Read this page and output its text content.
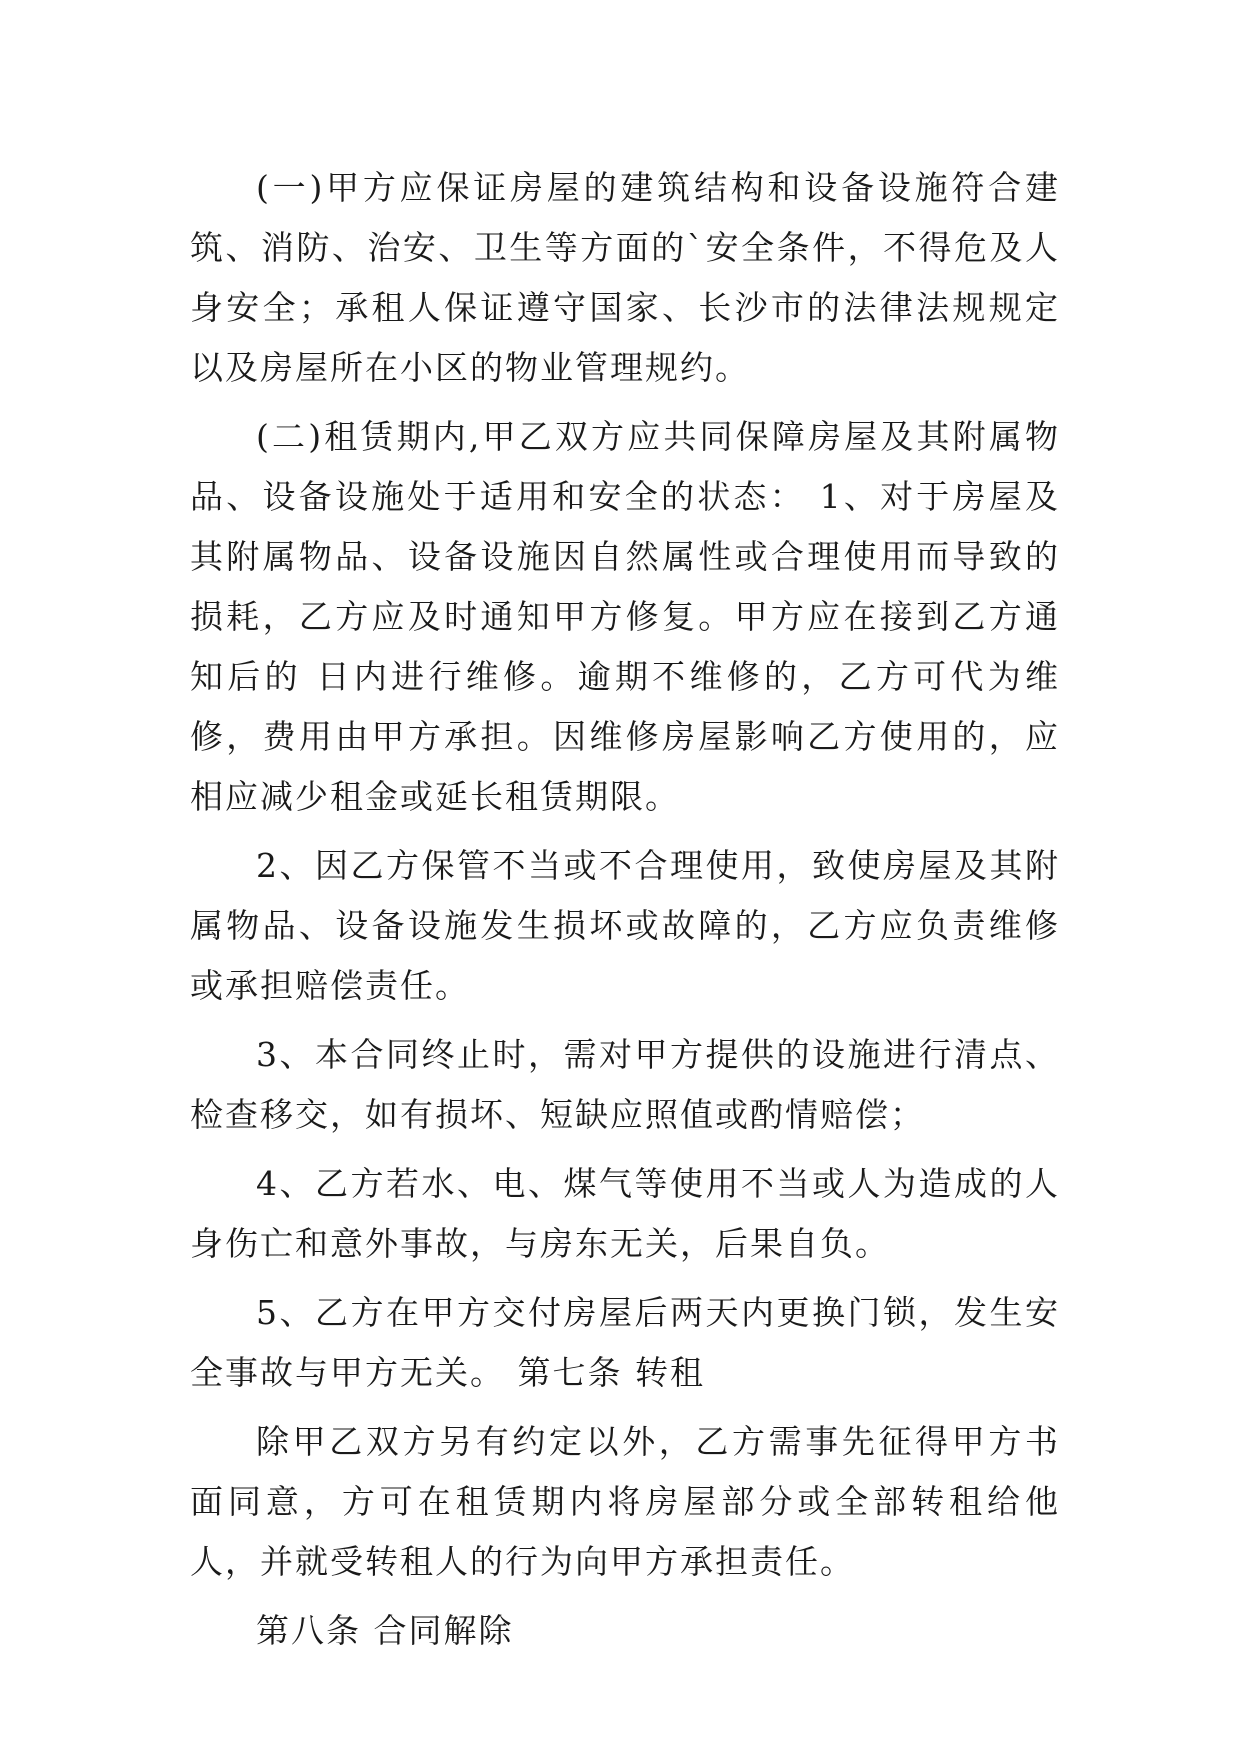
(一)甲方应保证房屋的建筑结构和设备设施符合建筑、消防、治安、卫生等方面的`安全条件，不得危及人身安全；承租人保证遵守国家、长沙市的法律法规规定以及房屋所在小区的物业管理规约。

(二)租赁期内,甲乙双方应共同保障房屋及其附属物品、设备设施处于适用和安全的状态： 1、对于房屋及其附属物品、设备设施因自然属性或合理使用而导致的损耗，乙方应及时通知甲方修复。甲方应在接到乙方通知后的 日内进行维修。逾期不维修的，乙方可代为维修，费用由甲方承担。因维修房屋影响乙方使用的，应相应减少租金或延长租赁期限。

2、因乙方保管不当或不合理使用，致使房屋及其附属物品、设备设施发生损坏或故障的，乙方应负责维修或承担赔偿责任。

3、本合同终止时，需对甲方提供的设施进行清点、检查移交，如有损坏、短缺应照值或酌情赔偿；

4、乙方若水、电、煤气等使用不当或人为造成的人身伤亡和意外事故，与房东无关，后果自负。

5、乙方在甲方交付房屋后两天内更换门锁，发生安全事故与甲方无关。 第七条 转租

除甲乙双方另有约定以外，乙方需事先征得甲方书面同意，方可在租赁期内将房屋部分或全部转租给他人，并就受转租人的行为向甲方承担责任。

第八条 合同解除
